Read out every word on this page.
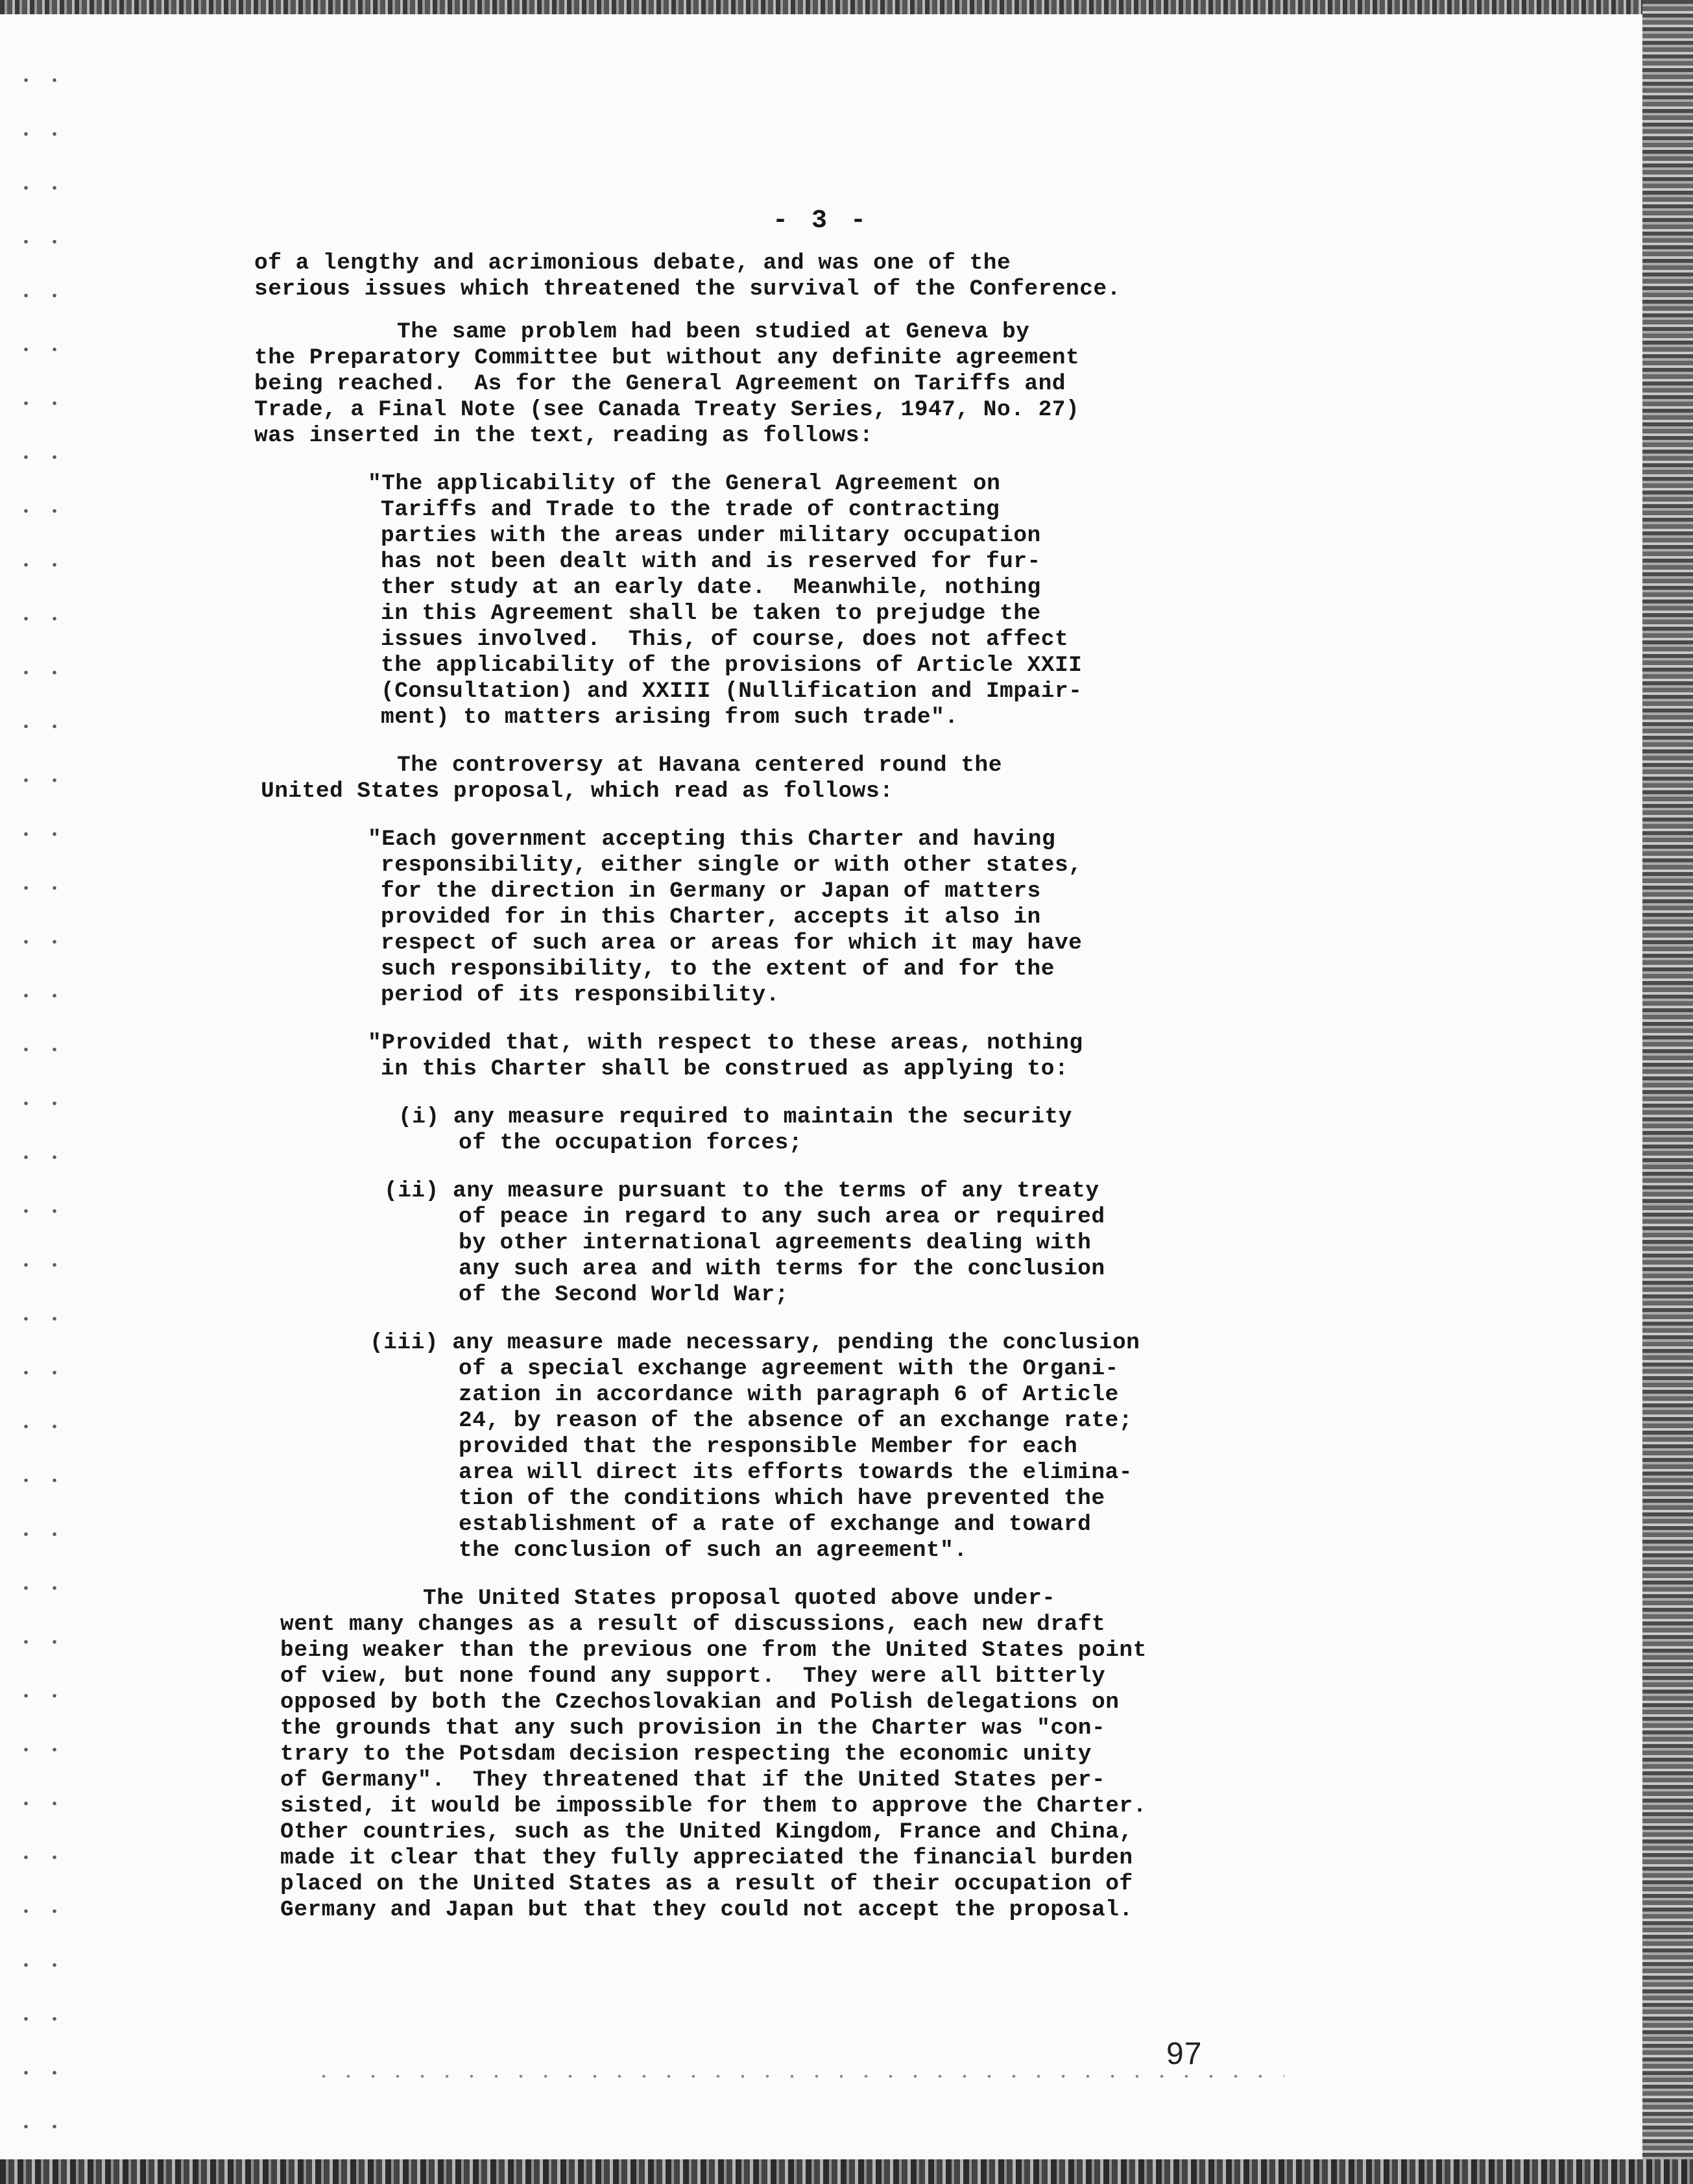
- 3 -
of a lengthy and acrimonious debate, and was one of the
serious issues which threatened the survival of the Conference.
The same problem had been studied at Geneva by
the Preparatory Committee but without any definite agreement
being reached.  As for the General Agreement on Tariffs and
Trade, a Final Note (see Canada Treaty Series, 1947, No. 27)
was inserted in the text, reading as follows:
"The applicability of the General Agreement on
Tariffs and Trade to the trade of contracting
parties with the areas under military occupation
has not been dealt with and is reserved for fur-
ther study at an early date.  Meanwhile, nothing
in this Agreement shall be taken to prejudge the
issues involved.  This, of course, does not affect
the applicability of the provisions of Article XXII
(Consultation) and XXIII (Nullification and Impair-
ment) to matters arising from such trade".
The controversy at Havana centered round the
United States proposal, which read as follows:
"Each government accepting this Charter and having
responsibility, either single or with other states,
for the direction in Germany or Japan of matters
provided for in this Charter, accepts it also in
respect of such area or areas for which it may have
such responsibility, to the extent of and for the
period of its responsibility.
"Provided that, with respect to these areas, nothing
in this Charter shall be construed as applying to:
(i) any measure required to maintain the security
of the occupation forces;
(ii) any measure pursuant to the terms of any treaty
of peace in regard to any such area or required
by other international agreements dealing with
any such area and with terms for the conclusion
of the Second World War;
(iii) any measure made necessary, pending the conclusion
of a special exchange agreement with the Organi-
zation in accordance with paragraph 6 of Article
24, by reason of the absence of an exchange rate;
provided that the responsible Member for each
area will direct its efforts towards the elimina-
tion of the conditions which have prevented the
establishment of a rate of exchange and toward
the conclusion of such an agreement".
The United States proposal quoted above under-
went many changes as a result of discussions, each new draft
being weaker than the previous one from the United States point
of view, but none found any support.  They were all bitterly
opposed by both the Czechoslovakian and Polish delegations on
the grounds that any such provision in the Charter was "con-
trary to the Potsdam decision respecting the economic unity
of Germany".  They threatened that if the United States per-
sisted, it would be impossible for them to approve the Charter.
Other countries, such as the United Kingdom, France and China,
made it clear that they fully appreciated the financial burden
placed on the United States as a result of their occupation of
Germany and Japan but that they could not accept the proposal.
97
